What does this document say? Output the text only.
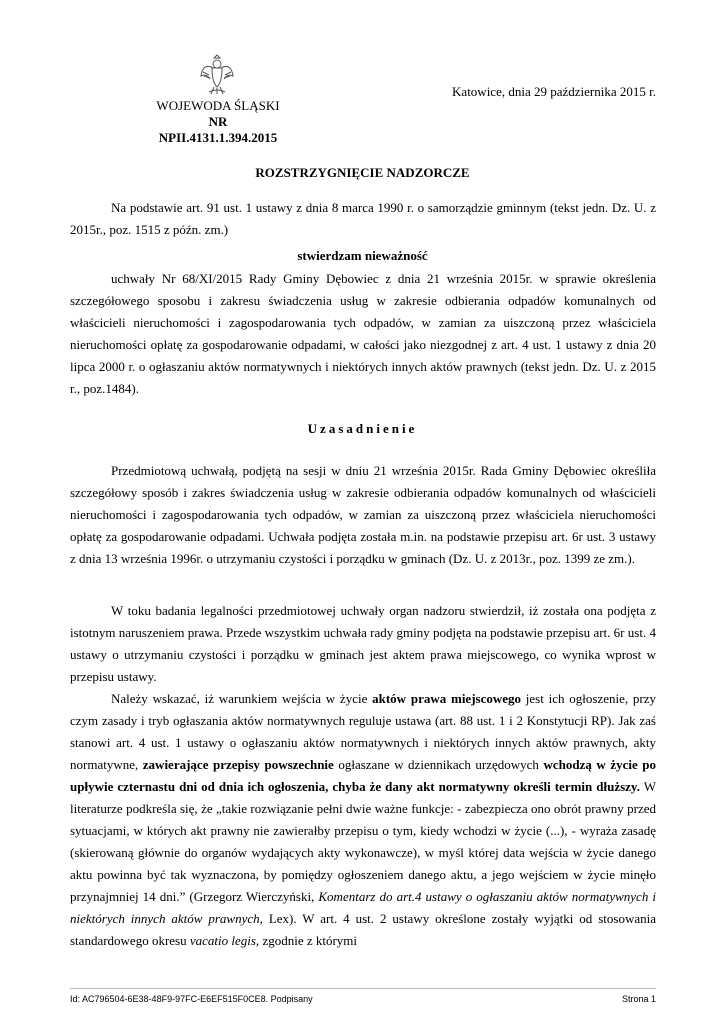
WOJEWODA ŚLĄSKI
NR NPII.4131.1.394.2015
Katowice, dnia 29 października 2015 r.
ROZSTRZYGNIĘCIE NADZORCZE
Na podstawie art. 91 ust. 1 ustawy z dnia 8 marca 1990 r. o samorządzie gminnym (tekst jedn. Dz. U. z 2015r., poz. 1515 z późn. zm.)
stwierdzam nieważność
uchwały Nr 68/XI/2015 Rady Gminy Dębowiec z dnia 21 września 2015r. w sprawie określenia szczegółowego sposobu i zakresu świadczenia usług w zakresie odbierania odpadów komunalnych od właścicieli nieruchomości i zagospodarowania tych odpadów, w zamian za uiszczoną przez właściciela nieruchomości opłatę za gospodarowanie odpadami, w całości jako niezgodnej z art. 4 ust. 1 ustawy z dnia 20 lipca 2000 r. o ogłaszaniu aktów normatywnych i niektórych innych aktów prawnych (tekst jedn. Dz. U. z 2015 r., poz.1484).
Uzasadnienie
Przedmiotową uchwałą, podjętą na sesji w dniu 21 września 2015r. Rada Gminy Dębowiec określiła szczegółowy sposób i zakres świadczenia usług w zakresie odbierania odpadów komunalnych od właścicieli nieruchomości i zagospodarowania tych odpadów, w zamian za uiszczoną przez właściciela nieruchomości opłatę za gospodarowanie odpadami. Uchwała podjęta została m.in. na podstawie przepisu art. 6r ust. 3 ustawy z dnia 13 września 1996r. o utrzymaniu czystości i porządku w gminach (Dz. U. z 2013r., poz. 1399 ze zm.).
W toku badania legalności przedmiotowej uchwały organ nadzoru stwierdził, iż została ona podjęta z istotnym naruszeniem prawa. Przede wszystkim uchwała rady gminy podjęta na podstawie przepisu art. 6r ust. 4 ustawy o utrzymaniu czystości i porządku w gminach jest aktem prawa miejscowego, co wynika wprost w przepisu ustawy.
Należy wskazać, iż warunkiem wejścia w życie aktów prawa miejscowego jest ich ogłoszenie, przy czym zasady i tryb ogłaszania aktów normatywnych reguluje ustawa (art. 88 ust. 1 i 2 Konstytucji RP). Jak zaś stanowi art. 4 ust. 1 ustawy o ogłaszaniu aktów normatywnych i niektórych innych aktów prawnych, akty normatywne, zawierające przepisy powszechnie ogłaszane w dziennikach urzędowych wchodzą w życie po upływie czternastu dni od dnia ich ogłoszenia, chyba że dany akt normatywny określi termin dłuższy. W literaturze podkreśla się, że „takie rozwiązanie pełni dwie ważne funkcje: - zabezpiecza ono obrót prawny przed sytuacjami, w których akt prawny nie zawierałby przepisu o tym, kiedy wchodzi w życie (...), - wyraża zasadę (skierowaną głównie do organów wydających akty wykonawcze), w myśl której data wejścia w życie danego aktu powinna być tak wyznaczona, by pomiędzy ogłoszeniem danego aktu, a jego wejściem w życie minęło przynajmniej 14 dni.” (Grzegorz Wierczyński, Komentarz do art.4 ustawy o ogłaszaniu aktów normatywnych i niektórych innych aktów prawnych, Lex). W art. 4 ust. 2 ustawy określone zostały wyjątki od stosowania standardowego okresu vacatio legis, zgodnie z którymi
Id: AC796504-6E38-48F9-97FC-E6EF515F0CE8. Podpisany	Strona 1
